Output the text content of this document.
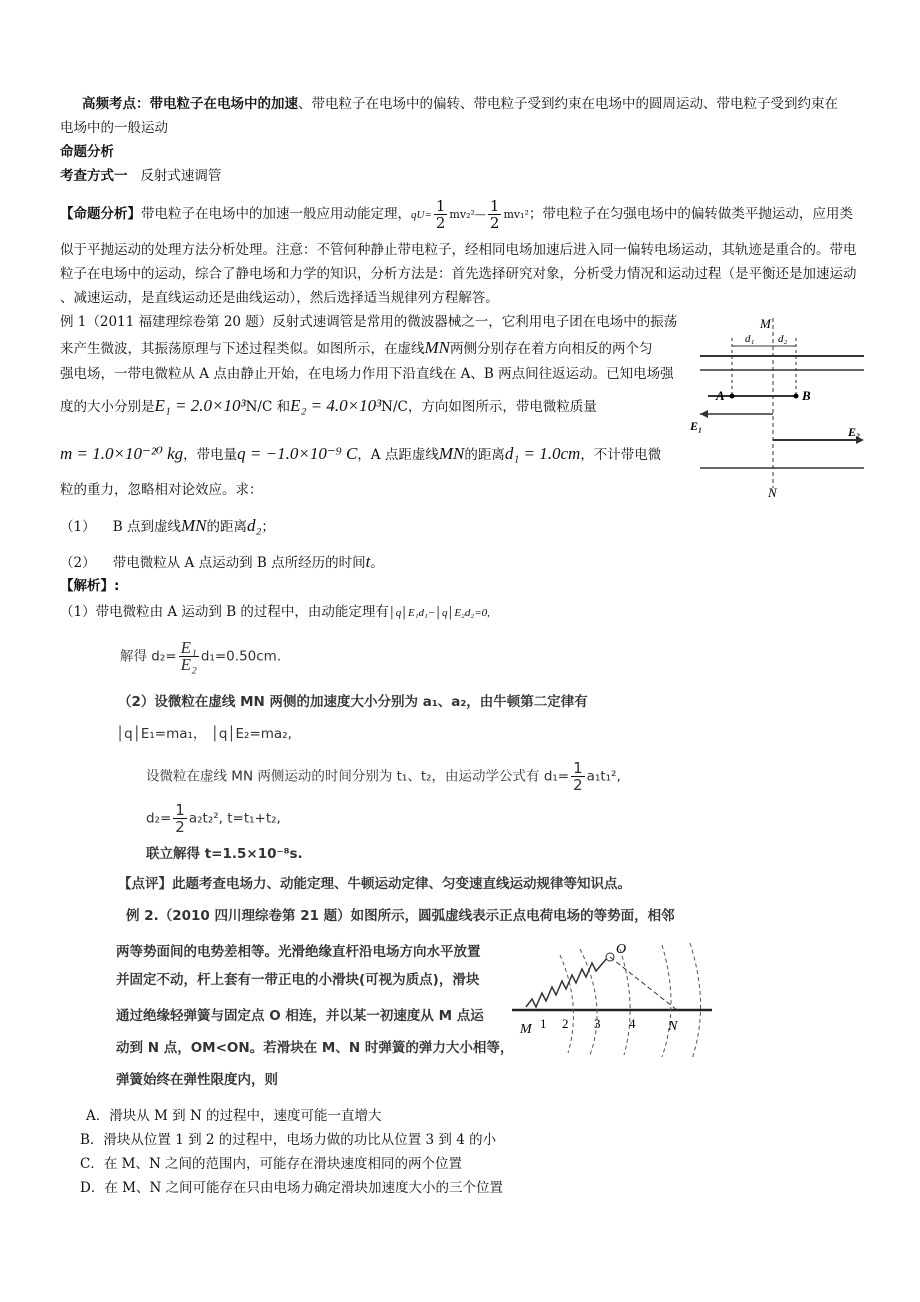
高频考点：带电粒子在电场中的加速、带电粒子在电场中的偏转、带电粒子受到约束在电场中的圆周运动、带电粒子受到约束在
电场中的一般运动
命题分析
考查方式一 反射式速调管
【命题分析】带电粒子在电场中的加速一般应用动能定理，$qU= \frac{1}{2}$ mv₂²— $\frac{1}{2} mv_1^2$；带电粒子在匀强电场中的偏转做类平抛运动，应用类
似于平抛运动的处理方法分析处理。注意：不管何种静止带电粒子，经相同电场加速后进入同一偏转电场运动，其轨迹是重合的。带电
粒子在电场中的运动，综合了静电场和力学的知识，分析方法是：首先选择研究对象，分析受力情况和运动过程（是平衡还是加速运动
、减速运动，是直线运动还是曲线运动），然后选择适当规律列方程解答。
例 1（2011 福建理综卷第 20 题）反射式速调管是常用的微波器械之一，它利用电子团在电场中的振荡
来产生微波，其振荡原理与下述过程类似。如图所示，在虚线MN两侧分别存在着方向相反的两个匀
强电场，一带电微粒从 A 点由静止开始，在电场力作用下沿直线在 A、B 两点间往返运动。已知电场强
度的大小分别是E₁ = 2.0×10³N/C 和E₂ = 4.0×10³N/C，方向如图所示，带电微粒质量
m = 1.0×10⁻²⁰ kg，带电量q = −1.0×10⁻⁹ C，A 点距虚线MN的距离d₁ = 1.0cm，不计带电微
粒的重力，忽略相对论效应。求：
（1） B 点到虚线MN的距离d₂；
（2） 带电微粒从 A 点运动到 B 点所经历的时间t。
M
N
d₁ d₂
A	B
E₁	E₂
【解析】:
（1）带电微粒由 A 运动到 B 的过程中，由动能定理有│q│E₁d₁−│q│E₂d₂=0,
解得 $d_2= \frac{\text{E₁}}{\text{E₂}} d_1=0.50cm$.
（2）设微粒在虚线 MN 两侧的加速度大小分别为 a₁、a₂，由牛顿第二定律有
│q│E₁=ma₁， │q│E₂=ma₂,
设微粒在虚线 MN 两侧运动的时间分别为 t₁、t₂，由运动学公式有 $d_1= \frac{1}{2} a_1t_1^2$,
$d_2= \frac{1}{2} a_2t_2^2$, t=t₁+t₂,
联立解得 t=1.5×10⁻⁸s.
【点评】此题考查电场力、动能定理、牛顿运动定律、匀变速直线运动规律等知识点。
例 2.（2010 四川理综卷第 21 题）如图所示，圆弧虚线表示正点电荷电场的等势面，相邻
两等势面间的电势差相等。光滑绝缘直杆沿电场方向水平放置
并固定不动，杆上套有一带正电的小滑块(可视为质点)，滑块
通过绝缘轻弹簧与固定点 O 相连，并以某一初速度从 M 点运
动到 N 点，OM<ON。若滑块在 M、N 时弹簧的弹力大小相等，
弹簧始终在弹性限度内，则
O
M 1 2 3 4 N
A．滑块从 M 到 N 的过程中，速度可能一直增大
B．滑块从位置 1 到 2 的过程中，电场力做的功比从位置 3 到 4 的小
C．在 M、N 之间的范围内，可能存在滑块速度相同的两个位置
D．在 M、N 之间可能存在只由电场力确定滑块加速度大小的三个位置
